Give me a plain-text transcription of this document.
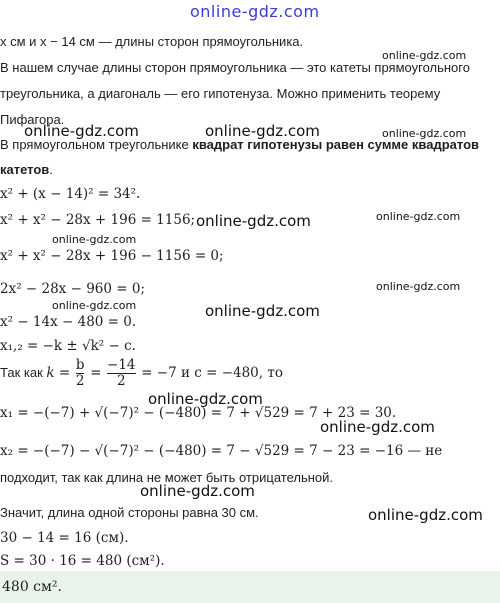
online-gdz.com
x см и x − 14 см — длины сторон прямоугольника.
В нашем случае длины сторон прямоугольника — это катеты прямоугольного
треугольника, а диагональ — его гипотенуза. Можно применить теорему
Пифагора.
В прямоугольном треугольнике квадрат гипотенузы равен сумме квадратов
катетов.
x² + (x − 14)² = 34².
x² + x² − 28x + 196 = 1156;
x² + x² − 28x + 196 − 1156 = 0;
2x² − 28x − 960 = 0;
x² − 14x − 480 = 0.
x₁,₂ = −k ± √k² − c.
Так как $k = \frac{b}{2} = \frac{-14}{2} = -7$ и c = −480, то
x₁ = −(−7) + √(−7)² − (−480) = 7 + √529 = 7 + 23 = 30.
x₂ = −(−7) − √(−7)² − (−480) = 7 − √529 = 7 − 23 = −16 — не
подходит, так как длина не может быть отрицательной.
Значит, длина одной стороны равна 30 см.
30 − 14 = 16 (см).
S = 30 · 16 = 480 (см²).
480 см².
online-gdz.com
online-gdz.com	online-gdz.com	online-gdz.com
online-gdz.com	online-gdz.com
online-gdz.com
online-gdz.com
online-gdz.com	online-gdz.com
online-gdz.com
online-gdz.com
online-gdz.com
online-gdz.com
